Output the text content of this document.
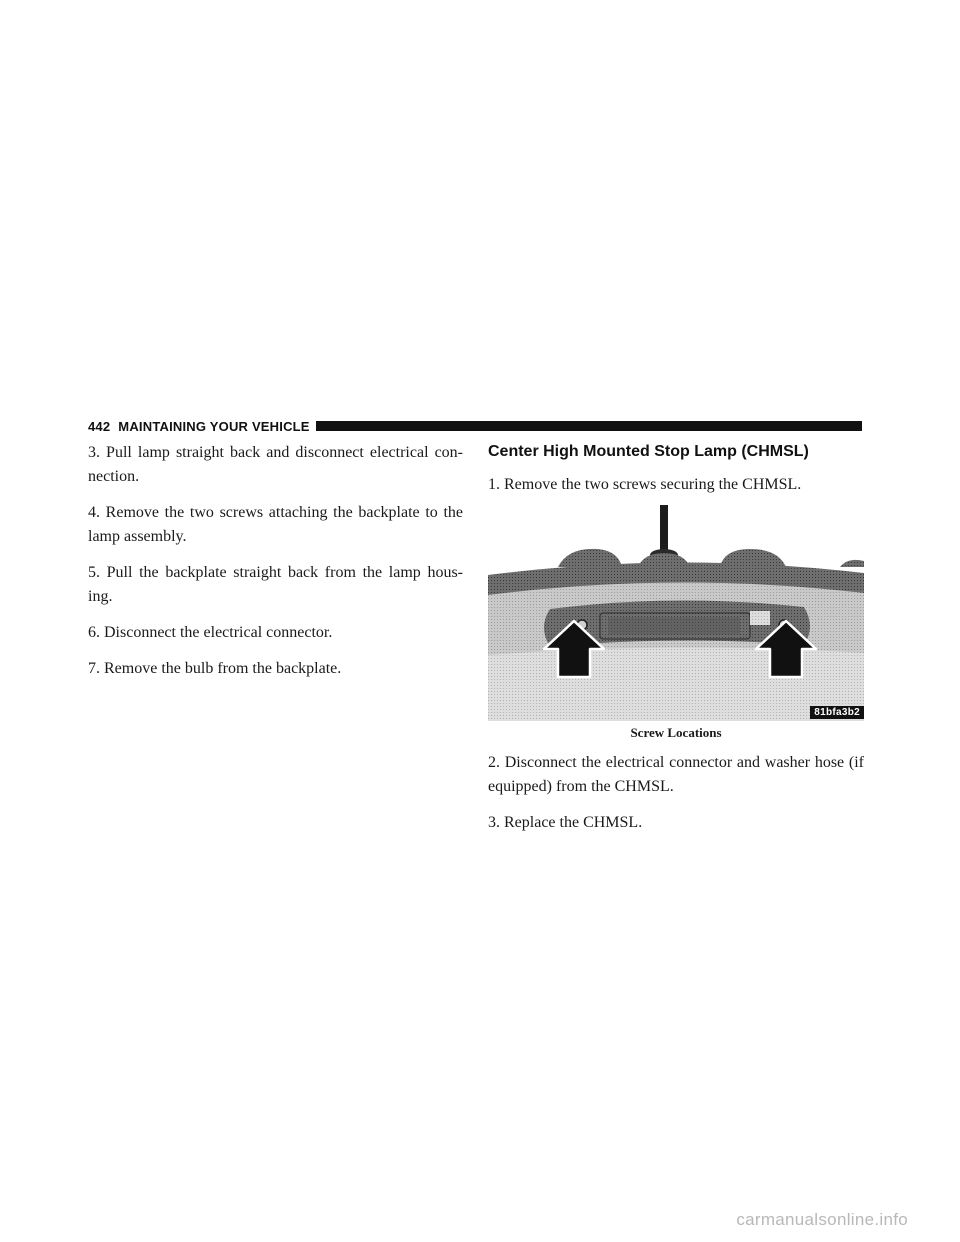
442 MAINTAINING YOUR VEHICLE

3. Pull lamp straight back and disconnect electrical con-nection.

4. Remove the two screws attaching the backplate to the lamp assembly.

5. Pull the backplate straight back from the lamp hous-ing.

6. Disconnect the electrical connector.

7. Remove the bulb from the backplate.

Center High Mounted Stop Lamp (CHMSL)

1. Remove the two screws securing the CHMSL.

81bfa3b2
Screw Locations

2. Disconnect the electrical connector and washer hose (if equipped) from the CHMSL.

3. Replace the CHMSL.

carmanualsonline.info
